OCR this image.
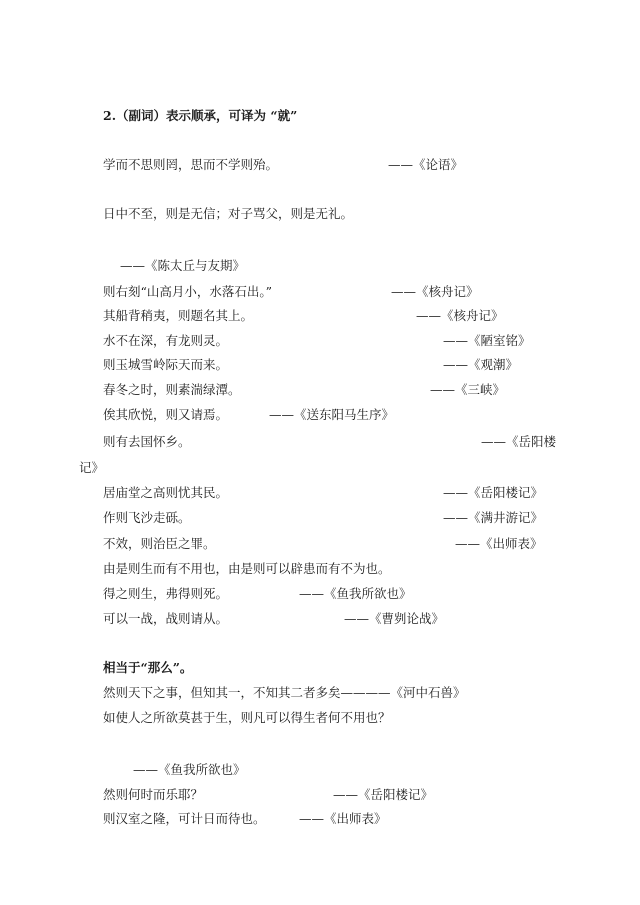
2.（副词）表示顺承，可译为 “就”
学而不思则罔，思而不学则殆。	——《论语》
日中不至，则是无信；对子骂父，则是无礼。
——《陈太丘与友期》
则右刻“山高月小，水落石出。”	——《核舟记》
其船背稍夷，则题名其上。	——《核舟记》
水不在深，有龙则灵。	——《陋室铭》
则玉城雪岭际天而来。	——《观潮》
春冬之时，则素湍绿潭。	——《三峡》
俟其欣悦，则又请焉。	——《送东阳马生序》
则有去国怀乡。	——《岳阳楼
记》
居庙堂之高则忧其民。	——《岳阳楼记》
作则飞沙走砾。	——《满井游记》
不效，则治臣之罪。	——《出师表》
由是则生而有不用也，由是则可以辟患而有不为也。
得之则生，弗得则死。	——《鱼我所欲也》
可以一战，战则请从。	——《曹刿论战》
相当于“那么”。
然则天下之事，但知其一，不知其二者多矣————《河中石兽》
如使人之所欲莫甚于生，则凡可以得生者何不用也？
——《鱼我所欲也》
然则何时而乐耶？	——《岳阳楼记》
则汉室之隆，可计日而待也。	——《出师表》
